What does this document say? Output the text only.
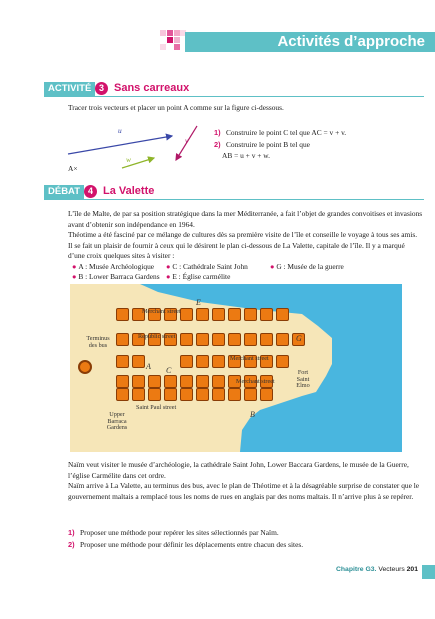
Activités d’approche
ACTIVITÉ 3 Sans carreaux
Tracer trois vecteurs et placer un point A comme sur la figure ci-dessous.
u
v
w
A×
1) Construire le point C tel que AC = v + v.
2) Construire le point B tel que
AB = u + v + w.
DÉBAT 4 La Valette
L’île de Malte, de par sa position stratégique dans la mer Méditerranée, a fait l’objet de grandes convoitises et invasions avant d’obtenir son indépendance en 1964.
Théotime a été fasciné par ce mélange de cultures dès sa première visite de l’île et conseille le voyage à tous ses amis. Il se fait un plaisir de fournir à ceux qui le désirent le plan ci-dessous de La Valette, capitale de l’île. Il y a marqué d’une croix quelques sites à visiter :
● A : Musée Archéologique ● C : Cathédrale Saint John	● G : Musée de la guerre
● B : Lower Barraca Gardens ● E : Église carmélite
Merchant street
Republic street
Merchant street
Merchant street
Saint Paul street
Terminus des bus
Fort Saint Elmo
Upper Barraca Gardens
E
G
A C
B
Naïm veut visiter le musée d’archéologie, la cathédrale Saint John, Lower Baccara Gardens, le musée de la Guerre, l’église Carmélite dans cet ordre.
Naïm arrive à La Valette, au terminus des bus, avec le plan de Théotime et à la désagréable surprise de constater que le gouvernement maltais a remplacé tous les noms de rues en anglais par des noms maltais. Il n’arrive plus à se repérer.
1) Proposer une méthode pour repérer les sites sélectionnés par Naïm.
2) Proposer une méthode pour définir les déplacements entre chacun des sites.
Chapitre G3. Vecteurs 201
